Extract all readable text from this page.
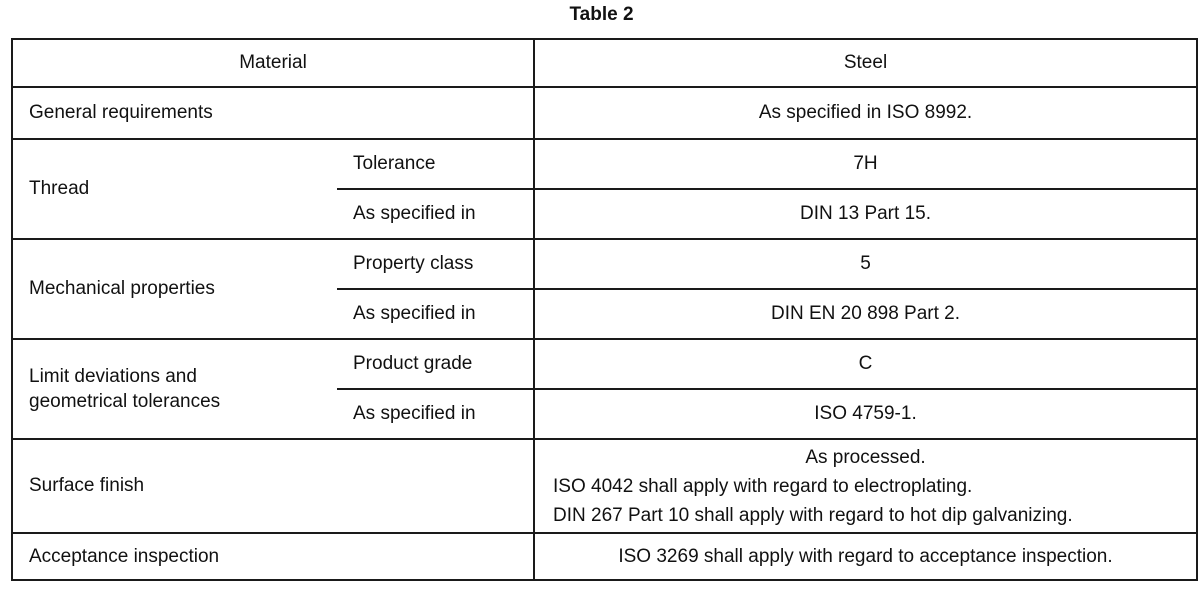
Table 2
Material		Steel
General requirements		As specified in ISO 8992.
Thread	Tolerance	7H
	As specified in	DIN 13 Part 15.
Mechanical properties	Property class	5
	As specified in	DIN EN 20 898 Part 2.

Limit deviations and
geometrical tolerances	Product grade	C
	As specified in	ISO 4759-1.
Surface finish		As processed.
ISO 4042 shall apply with regard to electroplating.
DIN 267 Part 10 shall apply with regard to hot dip galvanizing.

Acceptance inspection		ISO 3269 shall apply with regard to acceptance inspection.
